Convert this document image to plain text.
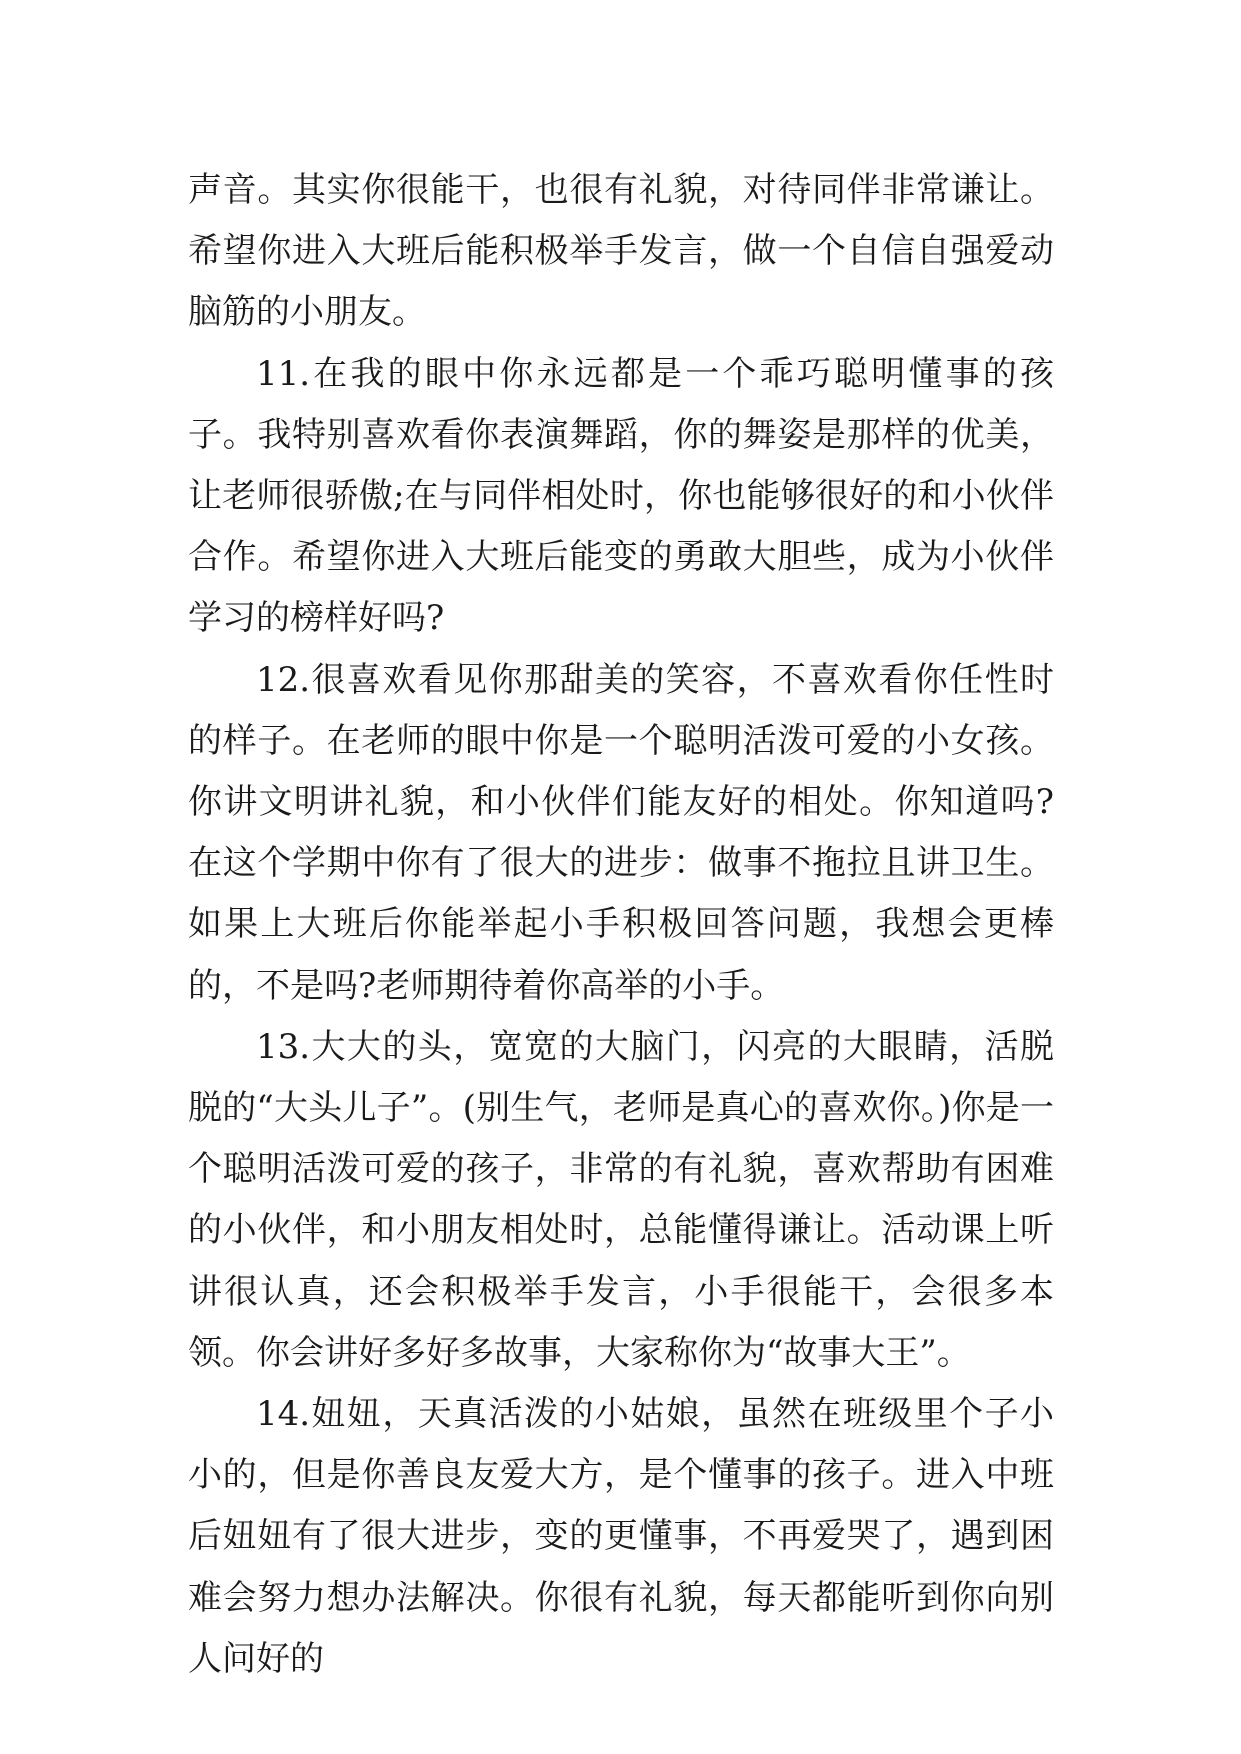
声音。其实你很能干，也很有礼貌，对待同伴非常谦让。希望你进入大班后能积极举手发言，做一个自信自强爱动脑筋的小朋友。

11.在我的眼中你永远都是一个乖巧聪明懂事的孩子。我特别喜欢看你表演舞蹈，你的舞姿是那样的优美，让老师很骄傲;在与同伴相处时，你也能够很好的和小伙伴合作。希望你进入大班后能变的勇敢大胆些，成为小伙伴学习的榜样好吗?

12.很喜欢看见你那甜美的笑容，不喜欢看你任性时的样子。在老师的眼中你是一个聪明活泼可爱的小女孩。你讲文明讲礼貌，和小伙伴们能友好的相处。你知道吗?在这个学期中你有了很大的进步：做事不拖拉且讲卫生。如果上大班后你能举起小手积极回答问题，我想会更棒的，不是吗?老师期待着你高举的小手。

13.大大的头，宽宽的大脑门，闪亮的大眼睛，活脱脱的“大头儿子”。(别生气，老师是真心的喜欢你。)你是一个聪明活泼可爱的孩子，非常的有礼貌，喜欢帮助有困难的小伙伴，和小朋友相处时，总能懂得谦让。活动课上听讲很认真，还会积极举手发言，小手很能干，会很多本领。你会讲好多好多故事，大家称你为“故事大王”。

14.妞妞，天真活泼的小姑娘，虽然在班级里个子小小的，但是你善良友爱大方，是个懂事的孩子。进入中班后妞妞有了很大进步，变的更懂事，不再爱哭了，遇到困难会努力想办法解决。你很有礼貌，每天都能听到你向别人问好的
